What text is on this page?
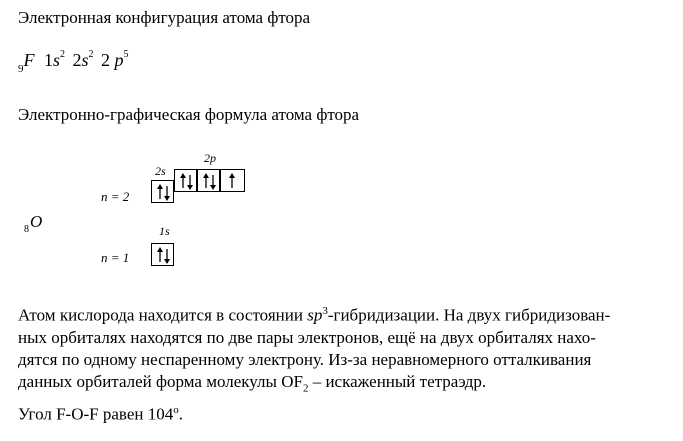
Электронная конфигурация атома фтора
$_9$F $1s^2$ $2s^2$ 2 $p^5$
Электронно-графическая формула атома фтора
2p
2s
n = 2
$_8$O	1s
n = 1

Атом кислорода находится в состоянии $sp^3$-гибридизации. На двух гибридизован-

ных орбиталях находятся по две пары электронов, ещё на двух орбиталях нахо-

дятся по одному неспаренному электрону. Из-за неравномерного отталкивания

данных орбиталей форма молекулы $OF_2$ – искаженный тетраэдр.

Угол F-O-F равен 104$^o$.
